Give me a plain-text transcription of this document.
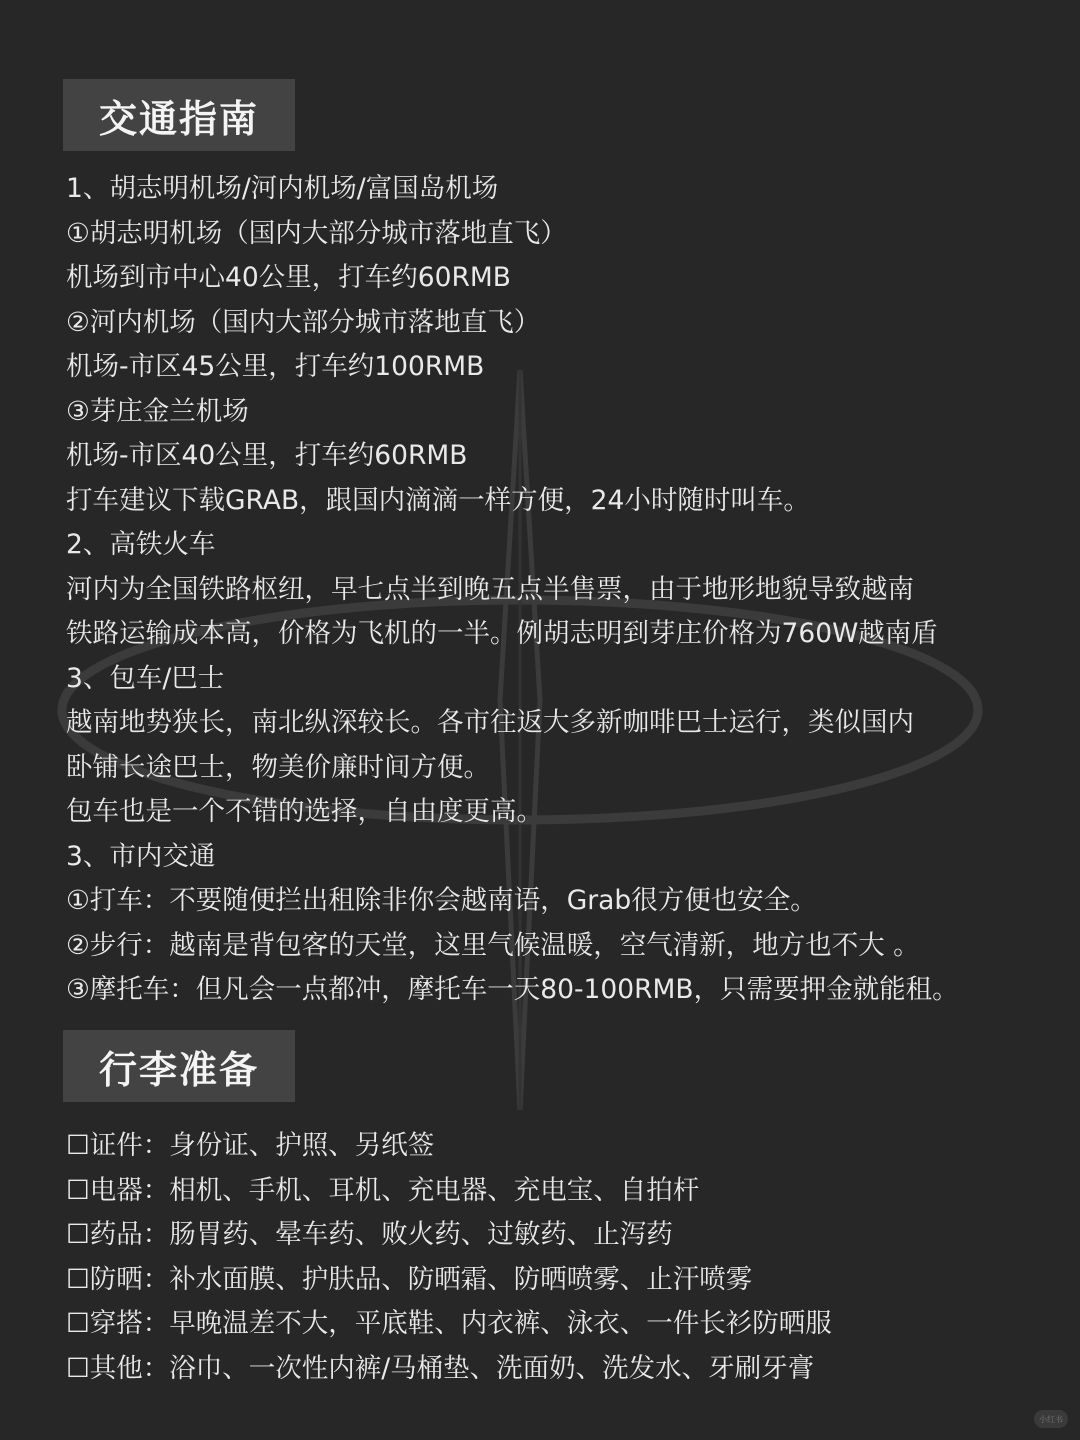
交通指南
1、胡志明机场/河内机场/富国岛机场
①胡志明机场（国内大部分城市落地直飞）
机场到市中心40公里，打车约60RMB
②河内机场（国内大部分城市落地直飞）
机场-市区45公里，打车约100RMB
③芽庄金兰机场
机场-市区40公里，打车约60RMB
打车建议下载GRAB，跟国内滴滴一样方便，24小时随时叫车。
2、高铁火车
河内为全国铁路枢纽，早七点半到晚五点半售票，由于地形地貌导致越南
铁路运输成本高，价格为飞机的一半。例胡志明到芽庄价格为760W越南盾
3、包车/巴士
越南地势狭长，南北纵深较长。各市往返大多新咖啡巴士运行，类似国内
卧铺长途巴士，物美价廉时间方便。
包车也是一个不错的选择，自由度更高。
3、市内交通
①打车：不要随便拦出租除非你会越南语，Grab很方便也安全。
②步行：越南是背包客的天堂，这里气候温暖，空气清新，地方也不大 。
③摩托车：但凡会一点都冲，摩托车一天80-100RMB，只需要押金就能租。
行李准备
☐证件：身份证、护照、另纸签
☐电器：相机、手机、耳机、充电器、充电宝、自拍杆
☐药品：肠胃药、晕车药、败火药、过敏药、止泻药
☐防晒：补水面膜、护肤品、防晒霜、防晒喷雾、止汗喷雾
☐穿搭：早晚温差不大，平底鞋、内衣裤、泳衣、一件长衫防晒服
☐其他：浴巾、一次性内裤/马桶垫、洗面奶、洗发水、牙刷牙膏
小红书
